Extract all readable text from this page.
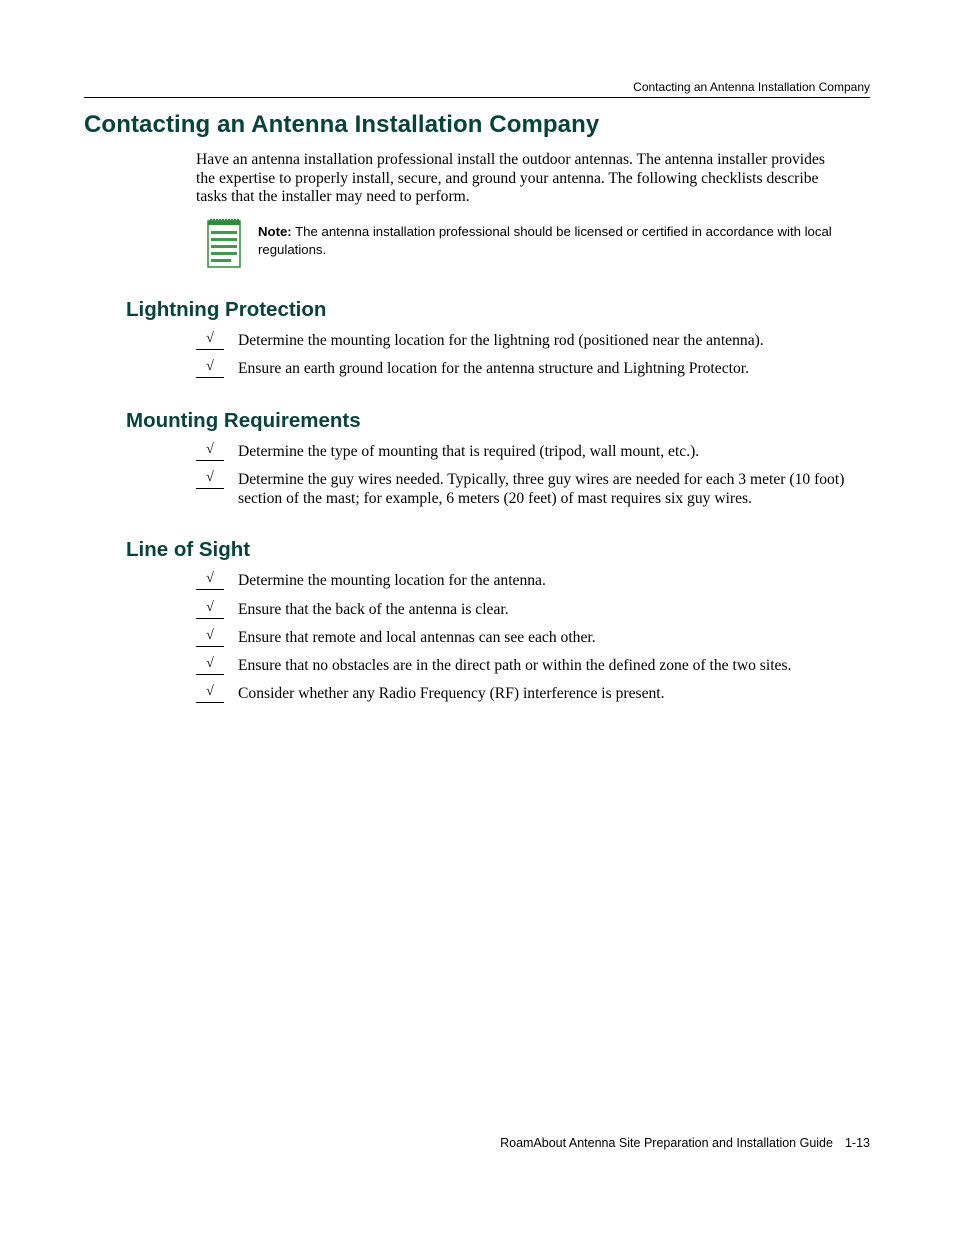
Contacting an Antenna Installation Company
Contacting an Antenna Installation Company

Have an antenna installation professional install the outdoor antennas. The antenna installer provides the expertise to properly install, secure, and ground your antenna. The following checklists describe tasks that the installer may need to perform.

Note: The antenna installation professional should be licensed or certified in accordance with local regulations.

Lightning Protection
√	Determine the mounting location for the lightning rod (positioned near the antenna).

√	Ensure an earth ground location for the antenna structure and Lightning Protector.

Mounting Requirements
√	Determine the type of mounting that is required (tripod, wall mount, etc.).

√	Determine the guy wires needed. Typically, three guy wires are needed for each 3 meter (10 foot) section of the mast; for example, 6 meters (20 feet) of mast requires six guy wires.

Line of Sight
√	Determine the mounting location for the antenna.

√	Ensure that the back of the antenna is clear.

√	Ensure that remote and local antennas can see each other.

√	Ensure that no obstacles are in the direct path or within the defined zone of the two sites.

√	Consider whether any Radio Frequency (RF) interference is present.

RoamAbout Antenna Site Preparation and Installation Guide 1-13
